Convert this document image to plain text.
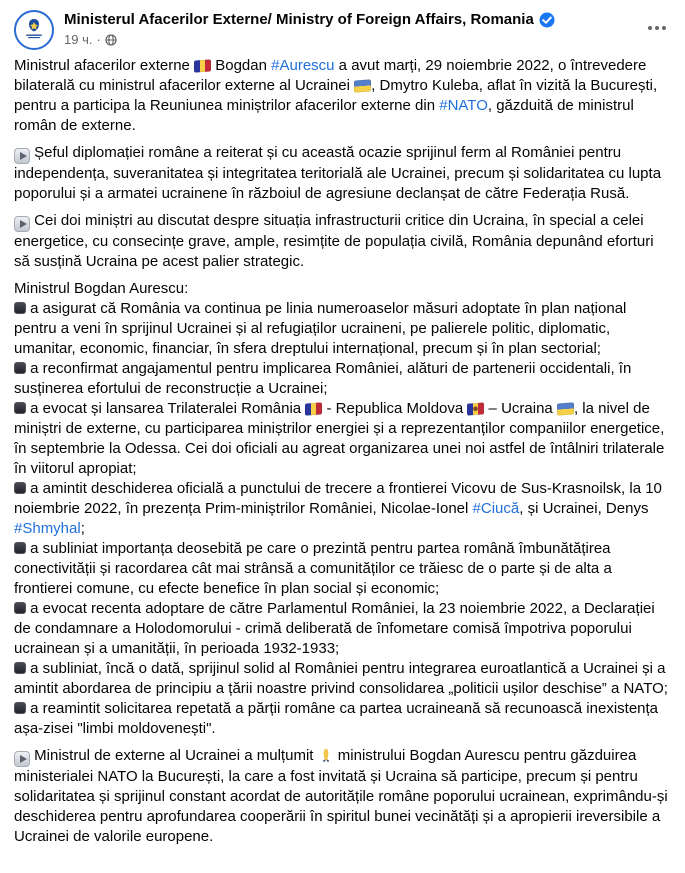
Ministerul Afacerilor Externe/ Ministry of Foreign Affairs, Romania
19 ч. ·
Ministrul afacerilor externe  Bogdan #Aurescu a avut marți, 29 noiembrie 2022, o întrevedere bilaterală cu ministrul afacerilor externe al Ucrainei , Dmytro Kuleba, aflat în vizită la București, pentru a participa la Reuniunea miniștrilor afacerilor externe din #NATO, găzduită de ministrul român de externe.
Șeful diplomației române a reiterat și cu această ocazie sprijinul ferm al României pentru independența, suveranitatea și integritatea teritorială ale Ucrainei, precum și solidaritatea cu lupta poporului și a armatei ucrainene în războiul de agresiune declanșat de către Federația Rusă.
Cei doi miniștri au discutat despre situația infrastructurii critice din Ucraina, în special a celei energetice, cu consecințe grave, ample, resimțite de populația civilă, România depunând eforturi să susțină Ucraina pe acest palier strategic.
Ministrul Bogdan Aurescu:
a asigurat că România va continua pe linia numeroaselor măsuri adoptate în plan național pentru a veni în sprijinul Ucrainei și al refugiaților ucraineni, pe palierele politic, diplomatic, umanitar, economic, financiar, în sfera dreptului internațional, precum și în plan sectorial;
a reconfirmat angajamentul pentru implicarea României, alături de partenerii occidentali, în susținerea efortului de reconstrucție a Ucrainei;
a evocat și lansarea Trilateralei România  - Republica Moldova  – Ucraina , la nivel de miniștri de externe, cu participarea miniștrilor energiei și a reprezentanților companiilor energetice, în septembrie la Odessa. Cei doi oficiali au agreat organizarea unei noi astfel de întâlniri trilaterale în viitorul apropiat;
a amintit deschiderea oficială a punctului de trecere a frontierei Vicovu de Sus-Krasnoilsk, la 10 noiembrie 2022, în prezența Prim-miniștrilor României, Nicolae-Ionel #Ciucă, și Ucrainei, Denys #Shmyhal;
a subliniat importanța deosebită pe care o prezintă pentru partea română îmbunătățirea conectivității și racordarea cât mai strânsă a comunităților ce trăiesc de o parte și de alta a frontierei comune, cu efecte benefice în plan social și economic;
a evocat recenta adoptare de către Parlamentul României, la 23 noiembrie 2022, a Declarației de condamnare a Holodomorului - crimă deliberată de înfometare comisă împotriva poporului ucrainean și a umanității, în perioada 1932-1933;
a subliniat, încă o dată, sprijinul solid al României pentru integrarea euroatlantică a Ucrainei și a amintit abordarea de principiu a țării noastre privind consolidarea „politicii ușilor deschise” a NATO;
a reamintit solicitarea repetată a părții române ca partea ucraineană să recunoască inexistența așa-zisei "limbi moldovenești".
Ministrul de externe al Ucrainei a mulțumit  ministrului Bogdan Aurescu pentru găzduirea ministerialei NATO la București, la care a fost invitată și Ucraina să participe, precum și pentru solidaritatea și sprijinul constant acordat de autoritățile române poporului ucrainean, exprimându-și deschiderea pentru aprofundarea cooperării în spiritul bunei vecinătăți și a apropierii ireversibile a Ucrainei de valorile europene.
